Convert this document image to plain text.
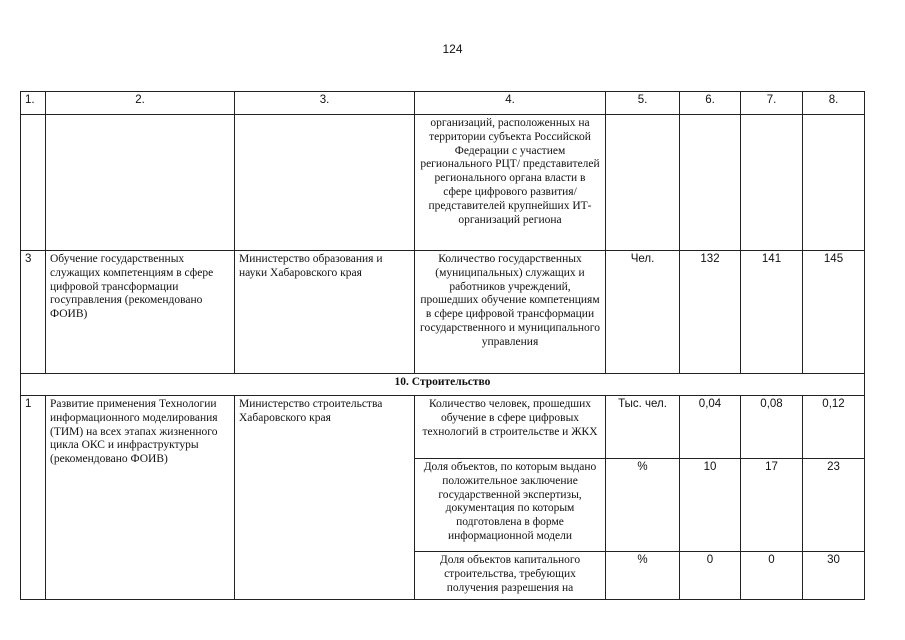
124
1.	2.	3.	4.	5.	6.	7.	8.
			организаций, расположенных на территории субъекта Российской Федерации с участием регионального РЦТ/ представителей регионального органа власти в сфере цифрового развития/ представителей крупнейших ИТ-организаций региона				
3	Обучение государственных служащих компетенциям в сфере цифровой трансформации госуправления (рекомендовано ФОИВ)	Министерство образования и науки Хабаровского края	Количество государственных (муниципальных) служащих и работников учреждений, прошедших обучение компетенциям в сфере цифровой трансформации государственного и муниципального управления	Чел.	132	141	145
10. Строительство							
1	Развитие применения Технологии информационного моделирования (ТИМ) на всех этапах жизненного цикла ОКС и инфраструктуры (рекомендовано ФОИВ)	Министерство строительства Хабаровского края	Количество человек, прошедших обучение в сфере цифровых технологий в строительстве и ЖКХ	Тыс. чел.	0,04	0,08	0,12
			Доля объектов, по которым выдано положительное заключение государственной экспертизы, документация по которым подготовлена в форме информационной модели	%	10	17	23
			Доля объектов капитального строительства, требующих получения разрешения на	%	0	0	30
